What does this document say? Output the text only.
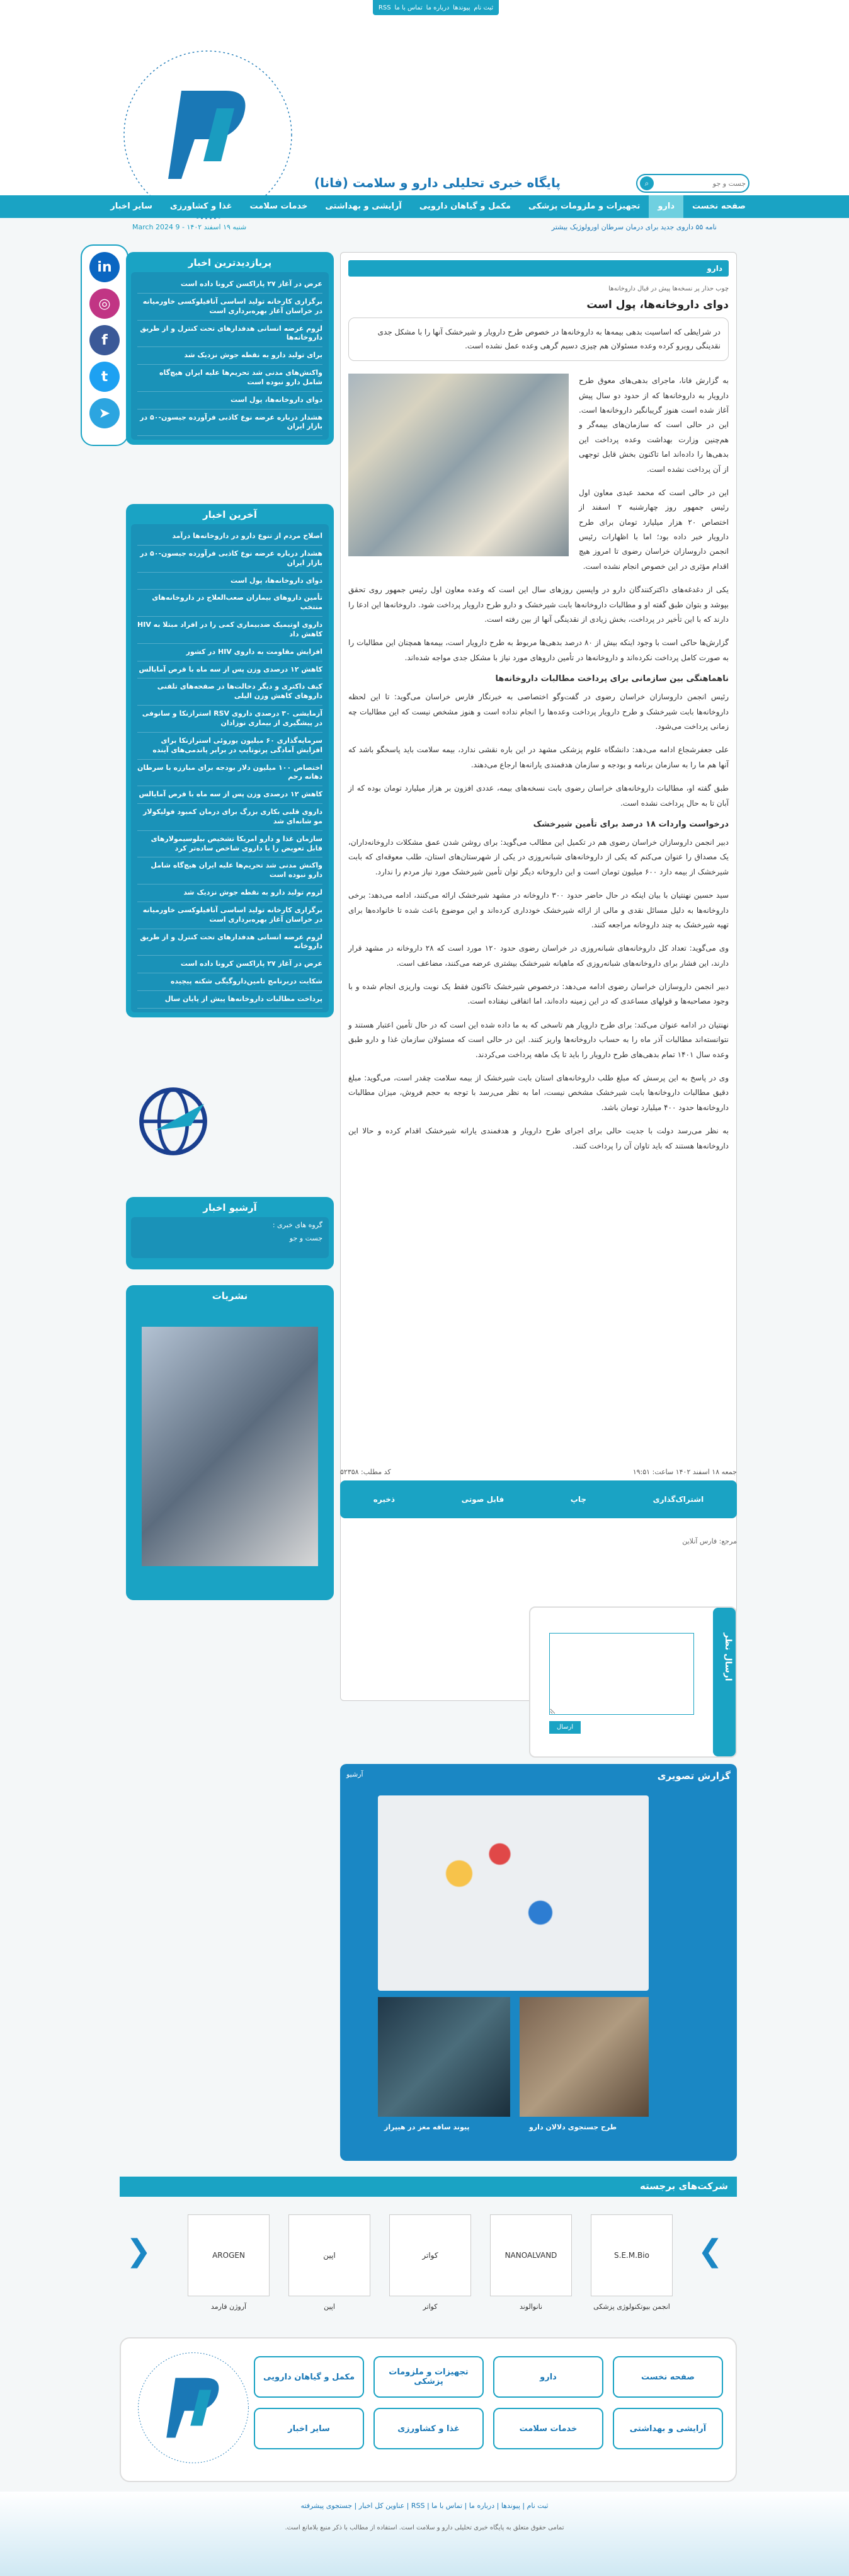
ثبت نام
پیوندها
درباره ما
تماس با ما
RSS
پایگاه خبری تحلیلی دارو و سلامت (فانا)
جست و جو	⌕
صفحه نخست
دارو
تجهیزات و ملزومات پزشکی
مکمل و گیاهان دارویی
آرایشی و بهداشتی
خدمات سلامت
غذا و کشاورزی
سایر اخبار
نامه ۵۵ داروی جدید برای درمان سرطان اورولوژیک بیشتر
شنبه ۱۹ اسفند ۱۴۰۲ - 9 March 2024
in
◎
f
t
➤
پربازدیدترین اخبار
عرض در آغاز ۲۷ پاراکسن کرونا داده است
برگزاری کارخانه تولید اساسی آنافیلوکسی خاورمیانه در خراسان آغاز بهره‌برداری است
لزوم عرضه انسانی هدفدارهای تحت کنترل و از طریق داروخانه‌ها
برای تولید دارو به نقطه جوش نزدیک شد
واکنش‌های مدنی شد تحریم‌ها علیه ایران هیچ‌گاه شامل دارو نبوده است
دوای داروخانه‌ها، پول است
هشدار درباره عرضه نوع کاذبی فرآورده جیسون-۵۰ در بازار ایران
آخرین اخبار
اصلاح مردم از تنوع دارو در داروخانه‌ها درآمد
هشدار درباره عرضه نوع کاذبی فرآورده جیسون-۵۰ در بازار ایران
دوای داروخانه‌ها، پول است
تأمین داروهای بیماران صعب‌العلاج در داروخانه‌های منتخب
داروی اوتیمیک ضدبیماری کمی را در افراد مبتلا به HIV کاهش داد
افزایش مقاومت به داروی HIV در کشور
کاهش ۱۲ درصدی وزن پس از سه ماه با قرص آمایالس
کیف داکتری و دیگر دخالت‌ها در صفحه‌های تلفنی داروهای کاهش وزن الیلی
آزمایشی ۳۰ درصدی داروی RSV استرازنکا و سانوفی در پیشگیری از بیماری نوزادان
سرمایه‌گذاری ۶۰ میلیون یوروئی استرازنکا برای افزایش آمادگی پرتوتایپ در برابر پاندمی‌های آینده
اختصاص ۱۰۰ میلیون دلار بودجه برای مبارزه با سرطان دهانه رحم
کاهش ۱۲ درصدی وزن پس از سه ماه با قرص آمایالس
داروی قلبی بکاری بزرگ برای درمان کمبود فولیکولار مو شانه‌ای شد
سازمان غذا و دارو امریکا تشخیص بیلوسیمولارهای قابل تعویض را با داروی شاخص ساده‌تر کرد
واکنش مدنی شد تحریم‌ها علیه ایران هیچ‌گاه شامل دارو نبوده است
لزوم تولید دارو به نقطه جوش نزدیک شد
برگزاری کارخانه تولید اساسی آنافیلوکسی خاورمیانه در خراسان آغاز بهره‌برداری است
لزوم عرضه انسانی هدفدارهای تحت کنترل و از طریق داروخانه
عرض در آغاز ۲۷ پاراکسن کرونا داده است
شکایت دربرنامج تامین‌داروگیگی‌ شکنه پیچیده
پرداخت مطالبات داروخانه‌ها پیش از پایان سال
آرشیو اخبار
گروه های خبری :
جست و جو
نشریات
دارو
چوب حذار پر نسخه‌ها پیش در قبال داروخانه‌ها
دوای داروخانه‌ها، پول است
در شرایطی که اساسیت بدهی بیمه‌ها به داروخانه‌ها در خصوص طرح دارویار و شیرخشک آنها را با مشکل جدی نقدینگی روبرو کرده وعده مسئولان هم چیزی دسیم‌‌ گرهی وعده عمل نشده است.

به گزارش فانا، ماجرای بدهی‌های معوق طرح دارویار به داروخانه‌ها که از حدود دو سال پیش آغاز شده است هنوز گریبانگیر داروخانه‌ها است. این در حالی است که سازمان‌های بیمه‌گر و هم‌چنین وزارت بهداشت وعده پرداخت این بدهی‌ها را داده‌اند اما تاکنون بخش قابل توجهی از آن پرداخت نشده است.

این در حالی است که محمد عبدی معاون اول رئیس جمهور روز چهارشنبه ۲ اسفند از اختصاص ۲۰ هزار میلیارد تومان برای طرح دارویار خبر داده بود؛ اما با اظهارات رئیس انجمن داروسازان خراسان رضوی تا امروز هیچ اقدام مؤثری در این خصوص انجام نشده است.

یکی از دغدغه‌های داکتر‌کنندگان دارو در واپسین روزهای سال این است که وعده معاون اول رئیس جمهور روی تحقق بپوشد و بتوان طبق گفته او و مطالبات داروخانه‌ها بابت شیرخشک و دارو طرح دارویار پرداخت شود. داروخانه‌ها این ادعا را دارند که با این تأخیر در پرداخت، بخش زیادی از نقدینگی آنها از بین رفته است.

گزارش‌ها حاکی است با وجود اینکه بیش از ۸۰ درصد بدهی‌ها مربوط به طرح دارویار است، بیمه‌ها همچنان این مطالبات را به صورت کامل پرداخت نکرده‌اند و داروخانه‌ها در تأمین داروهای مورد نیاز با مشکل جدی مواجه شده‌اند.

ناهماهنگی بین سازمانی برای پرداخت مطالبات داروخانه‌ها

رئیس انجمن داروسازان خراسان رضوی در گفت‌وگو اختصاصی به خبرنگار فارس خراسان می‌گوید: تا این لحظه داروخانه‌ها بابت شیرخشک و طرح دارویار پرداخت وعده‌ها را انجام نداده است و هنوز مشخص نیست که این مطالبات چه زمانی پرداخت می‌شود.

علی جعفرشجاع ادامه می‌دهد: دانشگاه علوم پزشکی مشهد در این باره نقشی ندارد، بیمه سلامت باید پاسخگو باشد که آنها هم ما را به سازمان برنامه و بودجه و سازمان هدفمندی یارانه‌ها ارجاع می‌دهند.

طبق گفته او، مطالبات داروخانه‌های خراسان رضوی بابت نسخه‌های بیمه، عددی افزون بر هزار میلیارد تومان بوده که از آبان تا به حال پرداخت نشده است.

درخواست واردات ۱۸ درصد برای تأمین شیرخشک

دبیر انجمن داروسازان خراسان رضوی هم در تکمیل این مطالب می‌گوید: برای روشن شدن عمق مشکلات داروخانه‌داران، یک مصداق را عنوان می‌کنم که یکی از داروخانه‌های شبانه‌روزی در یکی از شهرستان‌های استان، طلب معوقه‌ای که بابت شیرخشک از بیمه دارد ۶۰۰ میلیون تومان است و این داروخانه دیگر توان تأمین شیرخشک مورد نیاز مردم را ندارد.

سید حسین نهنتیان با بیان اینکه در حال حاضر حدود ۳۰۰ داروخانه در مشهد شیرخشک ارائه می‌کنند، ادامه می‌دهد: برخی داروخانه‌ها به دلیل مسائل نقدی و مالی از ارائه شیرخشک خودداری کرده‌اند و این موضوع باعث شده تا خانواده‌ها برای تهیه شیرخشک به چند داروخانه مراجعه کنند.

وی می‌گوید: تعداد کل داروخانه‌های شبانه‌روزی در خراسان رضوی حدود ۱۲۰ مورد است که ۲۸ داروخانه در مشهد قرار دارند، این فشار برای داروخانه‌های شبانه‌روزی که ماهیانه شیرخشک بیشتری عرضه می‌کنند، مضاعف است.

دبیر انجمن داروسازان خراسان رضوی ادامه می‌دهد: درخصوص شیرخشک تاکنون فقط یک نوبت واریزی انجام شده و با وجود مصاحبه‌ها و قولهای مساعدی که در این زمینه داده‌اند، اما اتفاقی نیفتاده است.

نهنتیان در ادامه عنوان می‌کند: برای طرح دارویار هم تاسخی که به ما داده شده این است که در حال تأمین اعتبار هستند و نتوانسته‌اند مطالبات آذر ماه را به حساب داروخانه‌ها واریز کنند. این در حالی است که مسئولان سازمان غذا و دارو طبق وعده سال ۱۴۰۱ تمام بدهی‌های طرح دارویار را باید تا یک ماهه پرداخت می‌کردند.

وی در پاسخ به این پرسش که مبلغ طلب داروخانه‌های استان بابت شیرخشک از بیمه سلامت چقدر است، می‌گوید: مبلغ دقیق مطالبات داروخانه‌ها بابت شیرخشک مشخص نیست، اما به نظر می‌رسد با توجه به حجم فروش، میزان مطالبات داروخانه‌ها حدود ۴۰۰ میلیارد تومان باشد.

به نظر می‌رسد دولت با جدیت حالی برای اجرای طرح دارویار و هدفمندی یارانه شیرخشک اقدام کرده و حالا این داروخانه‌ها هستند که باید تاوان آن را پرداخت کنند.

جمعه ۱۸ اسفند ۱۴۰۲ ساعت: ۱۹:۵۱
کد مطلب: ۵۲۳۵۸
اشتراک‌گذاری
چاپ
فایل صوتی
ذخیره
مرجع: فارس آنلاین
ارسال نظر
ارسال
گزارش تصویری
آرشیو
پیوند ساقه مغز در هیپراز	طرح جستجوی دلالان دارو
شرکت‌های برجسته
❯
❮	S.E.M.Bio
انجمن بیوتکنولوژی پزشکی
NANOALVAND
نانوالوند
کواتر
کواتر
اپین
اپین
AROGEN
آروژن فارمد
صفحه نخست
دارو
تجهیزات و ملزومات پزشکی
مکمل و گیاهان دارویی
آرایشی و بهداشتی
خدمات سلامت
غذا و کشاورزی
سایر اخبار
ثبت نام | پیوندها | درباره ما | تماس با ما | RSS | عناوین کل اخبار | جستجوی پیشرفته
تمامی حقوق متعلق به پایگاه خبری تحلیلی دارو و سلامت است. استفاده از مطالب با ذکر منبع بلامانع است.
